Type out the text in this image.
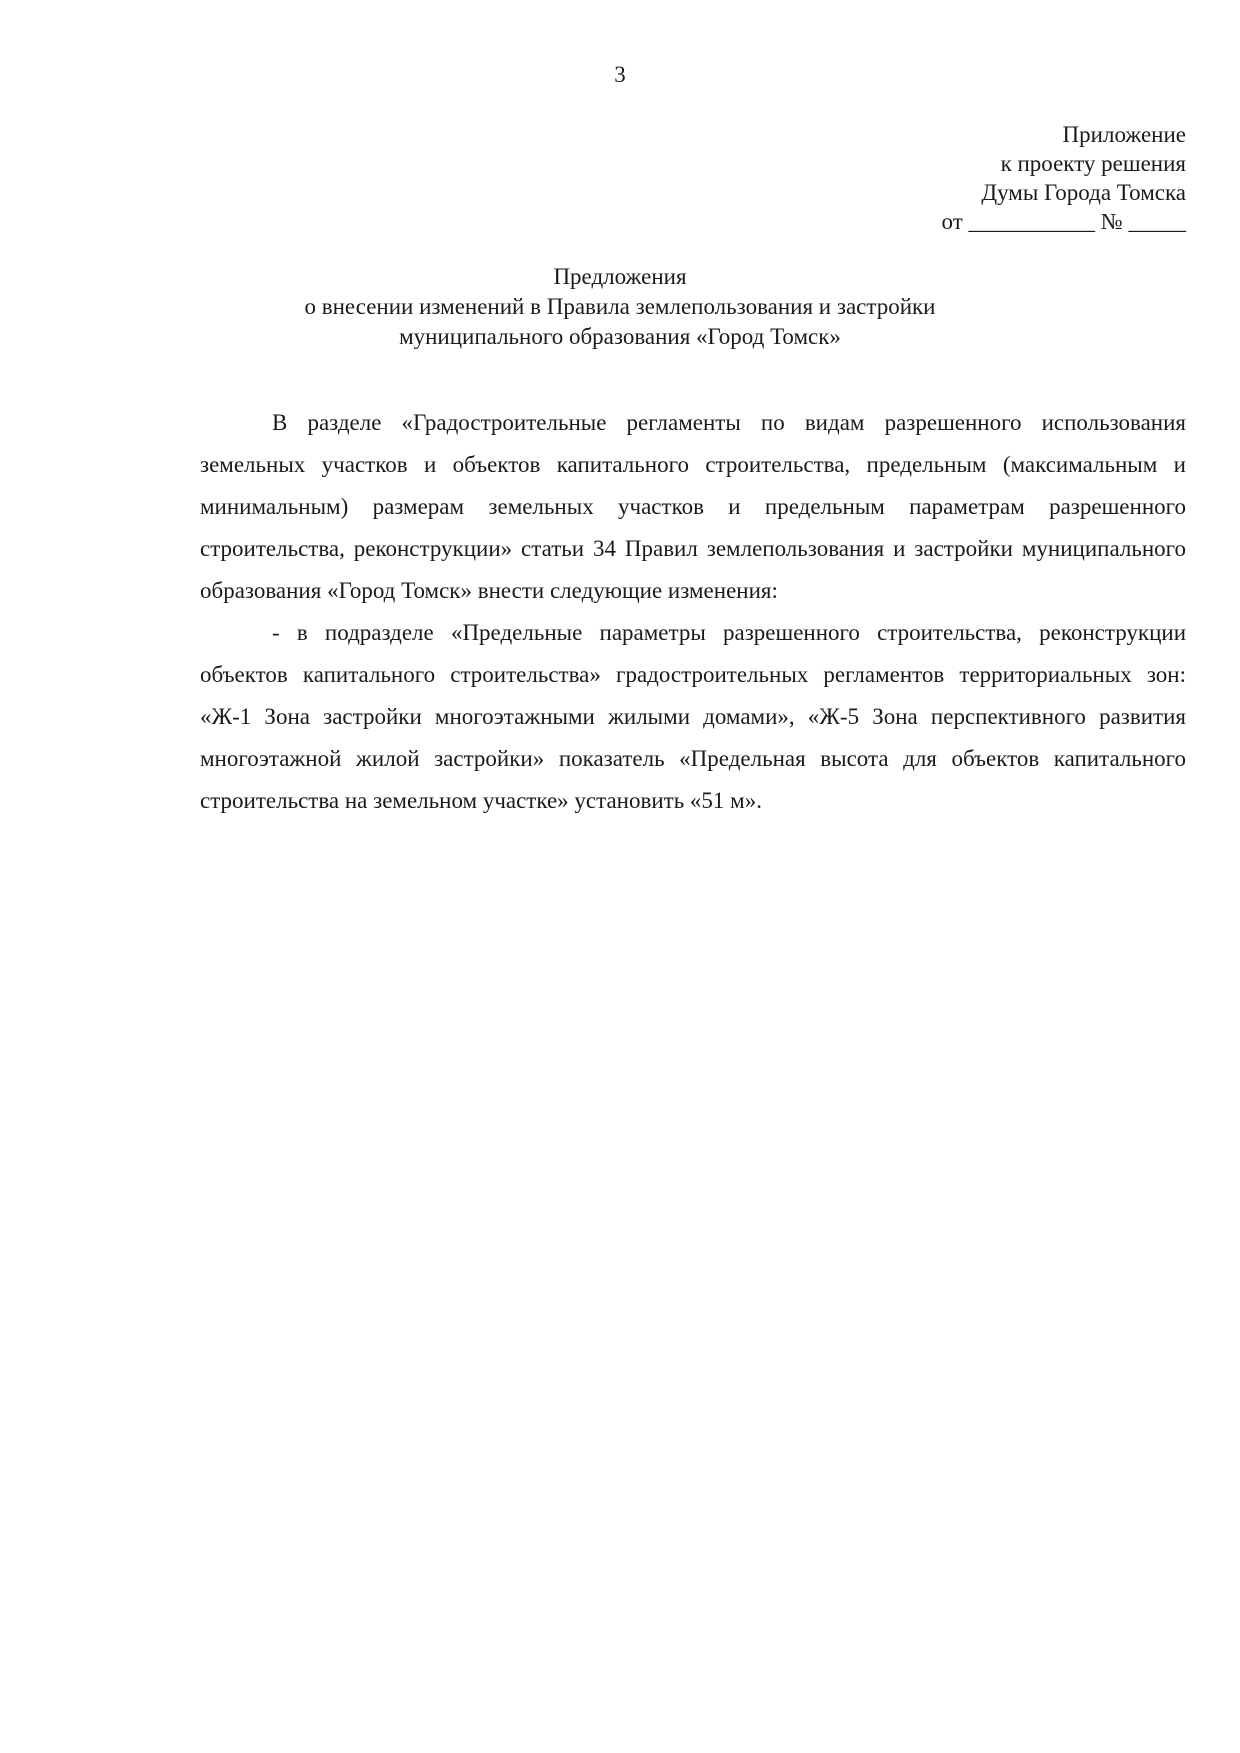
3
Приложение
к проекту решения
Думы Города Томска
от ___________ № _____
Предложения
о внесении изменений в Правила землепользования и застройки
муниципального образования «Город Томск»

В разделе «Градостроительные регламенты по видам разрешенного использования земельных участков и объектов капитального строительства, предельным (максимальным и минимальным) размерам земельных участков и предельным параметрам разрешенного строительства, реконструкции» статьи 34 Правил землепользования и застройки муниципального образования «Город Томск» внести следующие изменения:

- в подразделе «Предельные параметры разрешенного строительства, реконструкции объектов капитального строительства» градостроительных регламентов территориальных зон: «Ж-1 Зона застройки многоэтажными жилыми домами», «Ж-5 Зона перспективного развития многоэтажной жилой застройки» показатель «Предельная высота для объектов капитального строительства на земельном участке» установить «51 м».
